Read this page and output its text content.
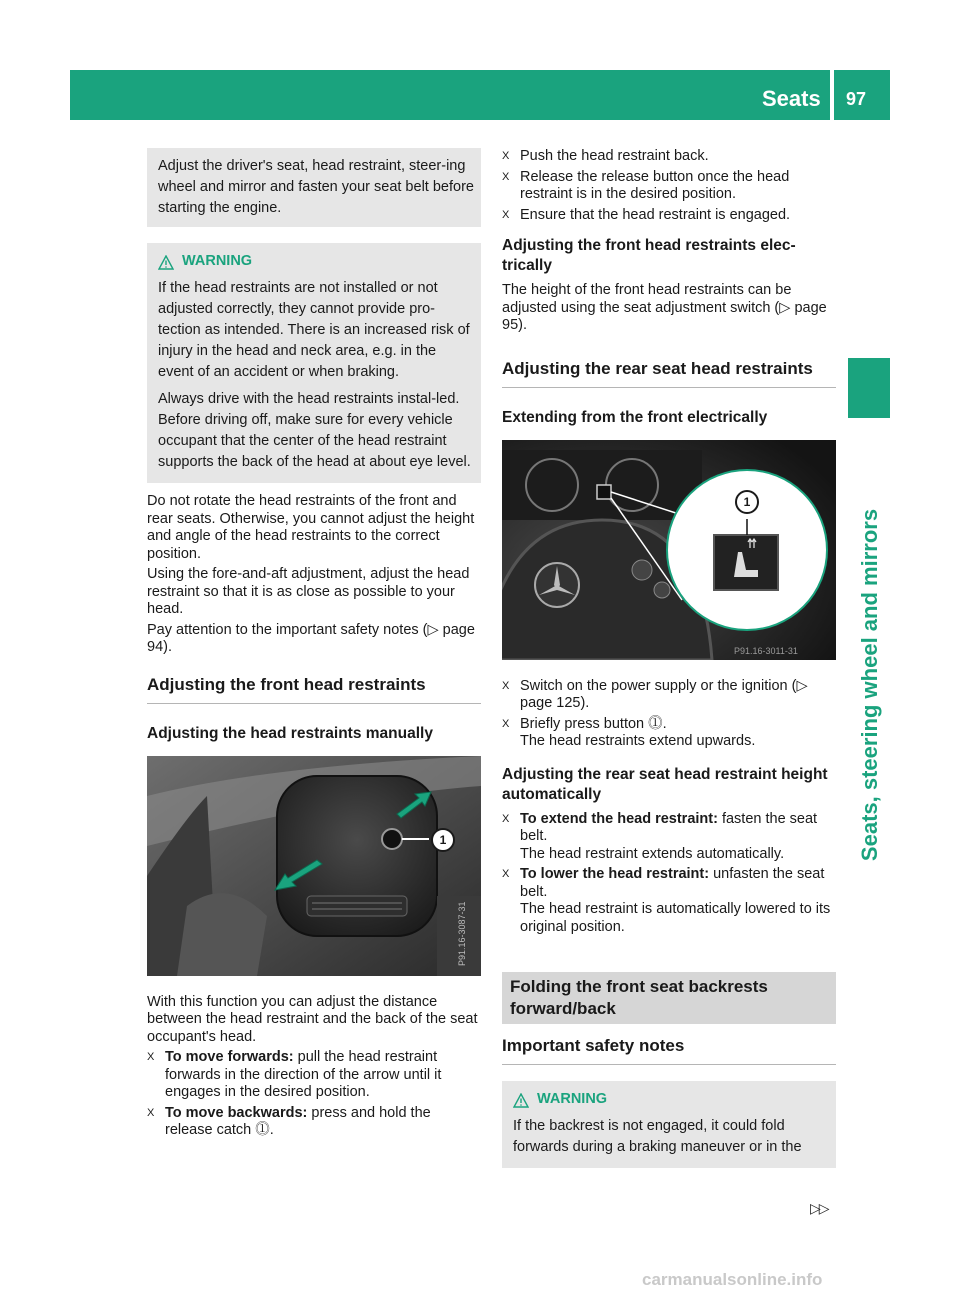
Seats 97
Seats, steering wheel and mirrors
Adjust the driver's seat, head restraint, steer-ing wheel and mirror and fasten your seat belt before starting the engine.
WARNING

If the head restraints are not installed or not adjusted correctly, they cannot provide pro-tection as intended. There is an increased risk of injury in the head and neck area, e.g. in the event of an accident or when braking.

Always drive with the head restraints instal-led. Before driving off, make sure for every vehicle occupant that the center of the head restraint supports the back of the head at about eye level.

Do not rotate the head restraints of the front and rear seats. Otherwise, you cannot adjust the height and angle of the head restraints to the correct position.

Using the fore-and-aft adjustment, adjust the head restraint so that it is as close as possible to your head.

Pay attention to the important safety notes (▷ page 94).

Adjusting the front head restraints
Adjusting the head restraints manually
P91.16-3087-31
1

With this function you can adjust the distance between the head restraint and the back of the seat occupant's head.

X To move forwards: pull the head restraint forwards in the direction of the arrow until it engages in the desired position.
X To move backwards: press and hold the release catch ⓵.
X Push the head restraint back.
X Release the release button once the head restraint is in the desired position.
X Ensure that the head restraint is engaged.
Adjusting the front head restraints elec-trically

The height of the front head restraints can be adjusted using the seat adjustment switch (▷ page 95).

Adjusting the rear seat head restraints
Extending from the front electrically
P91.16-3011-31
1
X Switch on the power supply or the ignition (▷ page 125).
X Briefly press button ⓵.
The head restraints extend upwards.
Adjusting the rear seat head restraint height automatically
X To extend the head restraint: fasten the seat belt.
The head restraint extends automatically.
X To lower the head restraint: unfasten the seat belt.
The head restraint is automatically lowered to its original position.
Folding the front seat backrests forward/back
Important safety notes
WARNING

If the backrest is not engaged, it could fold forwards during a braking maneuver or in the

▷▷
carmanualsonline.info
